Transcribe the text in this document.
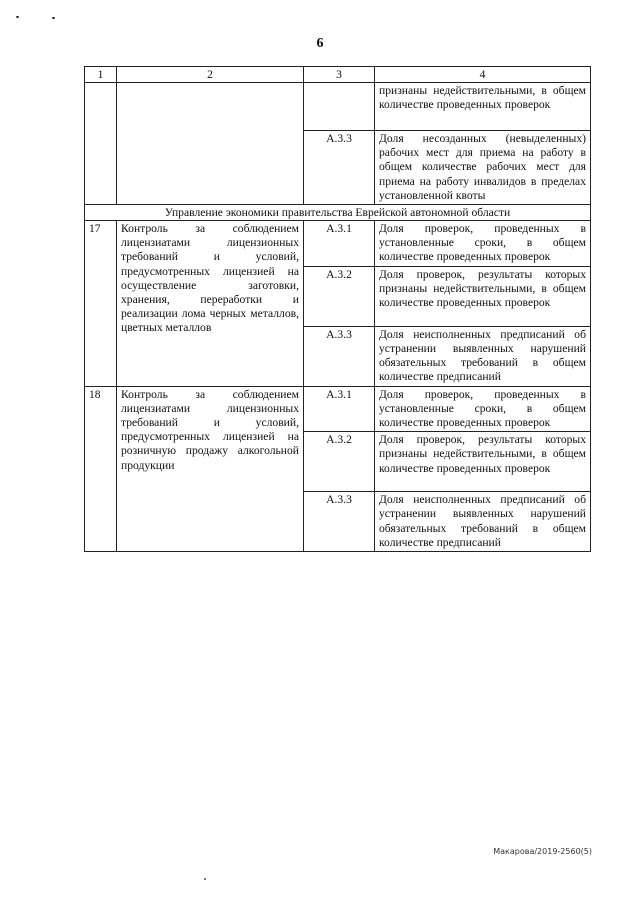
6
1	2	3	4
			признаны недействительными, в общем количестве проведенных проверок
		А.3.3	Доля несозданных (невыделенных) рабочих мест для приема на работу в общем количестве рабочих мест для приема на работу инвалидов в пределах установленной квоты
Управление экономики правительства Еврейской автономной области			
17	Контроль за соблюдением лицензиатами лицензионных требований и условий, предусмотренных лицензией на осуществление заготовки, хранения, переработки и реализации лома черных металлов, цветных металлов	А.3.1	Доля проверок, проведенных в установленные сроки, в общем количестве проведенных проверок
		А.3.2	Доля проверок, результаты которых признаны недействительными, в общем количестве проведенных проверок
		А.3.3	Доля неисполненных предписаний об устранении выявленных нарушений обязательных требований в общем количестве предписаний
18	Контроль за соблюдением лицензиатами лицензионных требований и условий, предусмотренных лицензией на розничную продажу алкогольной продукции	А.3.1	Доля проверок, проведенных в установленные сроки, в общем количестве проведенных проверок
		А.3.2	Доля проверок, результаты которых признаны недействительными, в общем количестве проведенных проверок
		А.3.3	Доля неисполненных предписаний об устранении выявленных нарушений обязательных требований в общем количестве предписаний
Макарова/2019-2560(5)
